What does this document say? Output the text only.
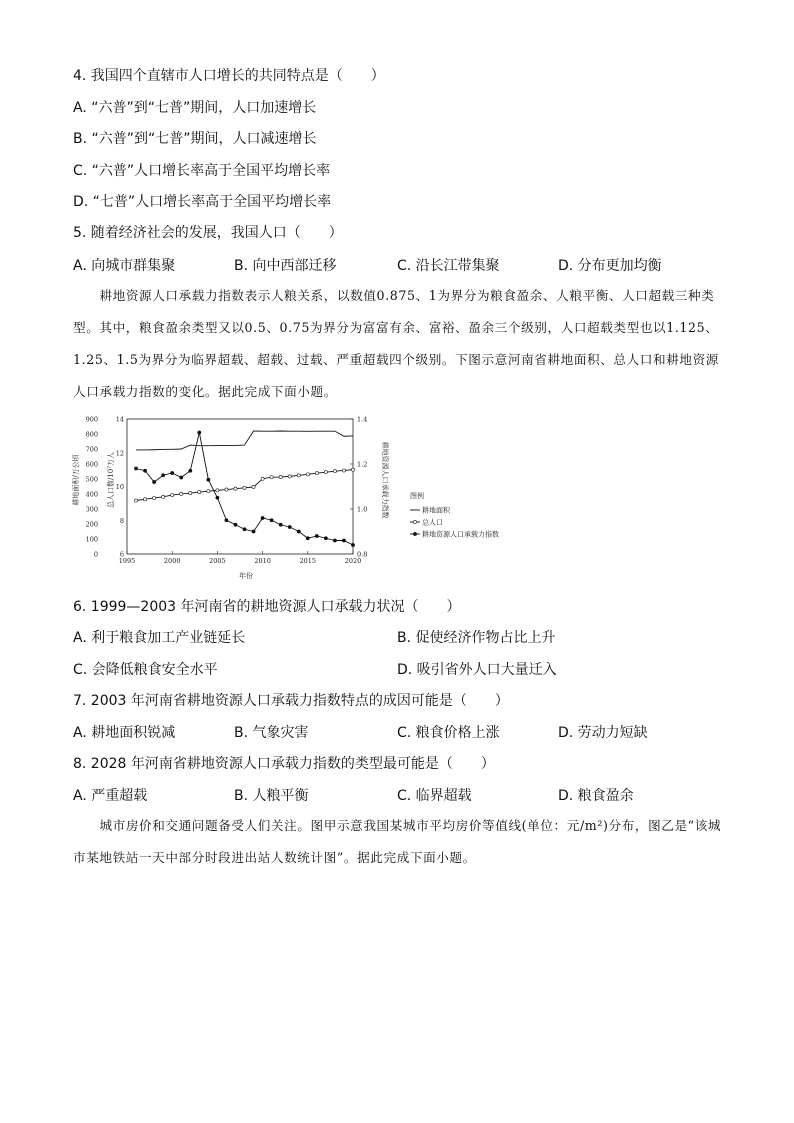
4. 我国四个直辖市人口增长的共同特点是（　　）
A. “六普”到“七普”期间，人口加速增长
B. “六普”到“七普”期间，人口减速增长
C. “六普”人口增长率高于全国平均增长率
D. “七普”人口增长率高于全国平均增长率
5. 随着经济社会的发展，我国人口（　　）
A. 向城市群集聚	B. 向中西部迁移	C. 沿长江带集聚	D. 分布更加均衡
耕地资源人口承载力指数表示人粮关系，以数值0.875、1为界分为粮食盈余、人粮平衡、人口超载三种类型。其中，粮食盈余类型又以0.5、0.75为界分为富富有余、富裕、盈余三个级别，人口超载类型也以1.125、1.25、1.5为界分为临界超载、超载、过载、严重超载四个级别。下图示意河南省耕地面积、总人口和耕地资源人口承载力指数的变化。据此完成下面小题。
900
800
700
600
500
400
300
200
100
0
14
12
10
8
6
1.4
1.2
1.0
0.8
1995	2000	2005	2010	2015	2020
耕地面积/万公顷	总人口数/10⁷万人	耕地资源人口承载力指数
年份
图例
耕地面积
总人口
耕地资源人口承载力指数
6. 1999—2003 年河南省的耕地资源人口承载力状况（　　）
A. 利于粮食加工产业链延长	B. 促使经济作物占比上升
C. 会降低粮食安全水平	D. 吸引省外人口大量迁入
7. 2003 年河南省耕地资源人口承载力指数特点的成因可能是（　　）
A. 耕地面积锐减	B. 气象灾害	C. 粮食价格上涨	D. 劳动力短缺
8. 2028 年河南省耕地资源人口承载力指数的类型最可能是（　　）
A. 严重超载	B. 人粮平衡	C. 临界超载	D. 粮食盈余
城市房价和交通问题备受人们关注。图甲示意我国某城市平均房价等值线(单位：元/m²)分布，图乙是“该城市某地铁站一天中部分时段进出站人数统计图”。据此完成下面小题。
